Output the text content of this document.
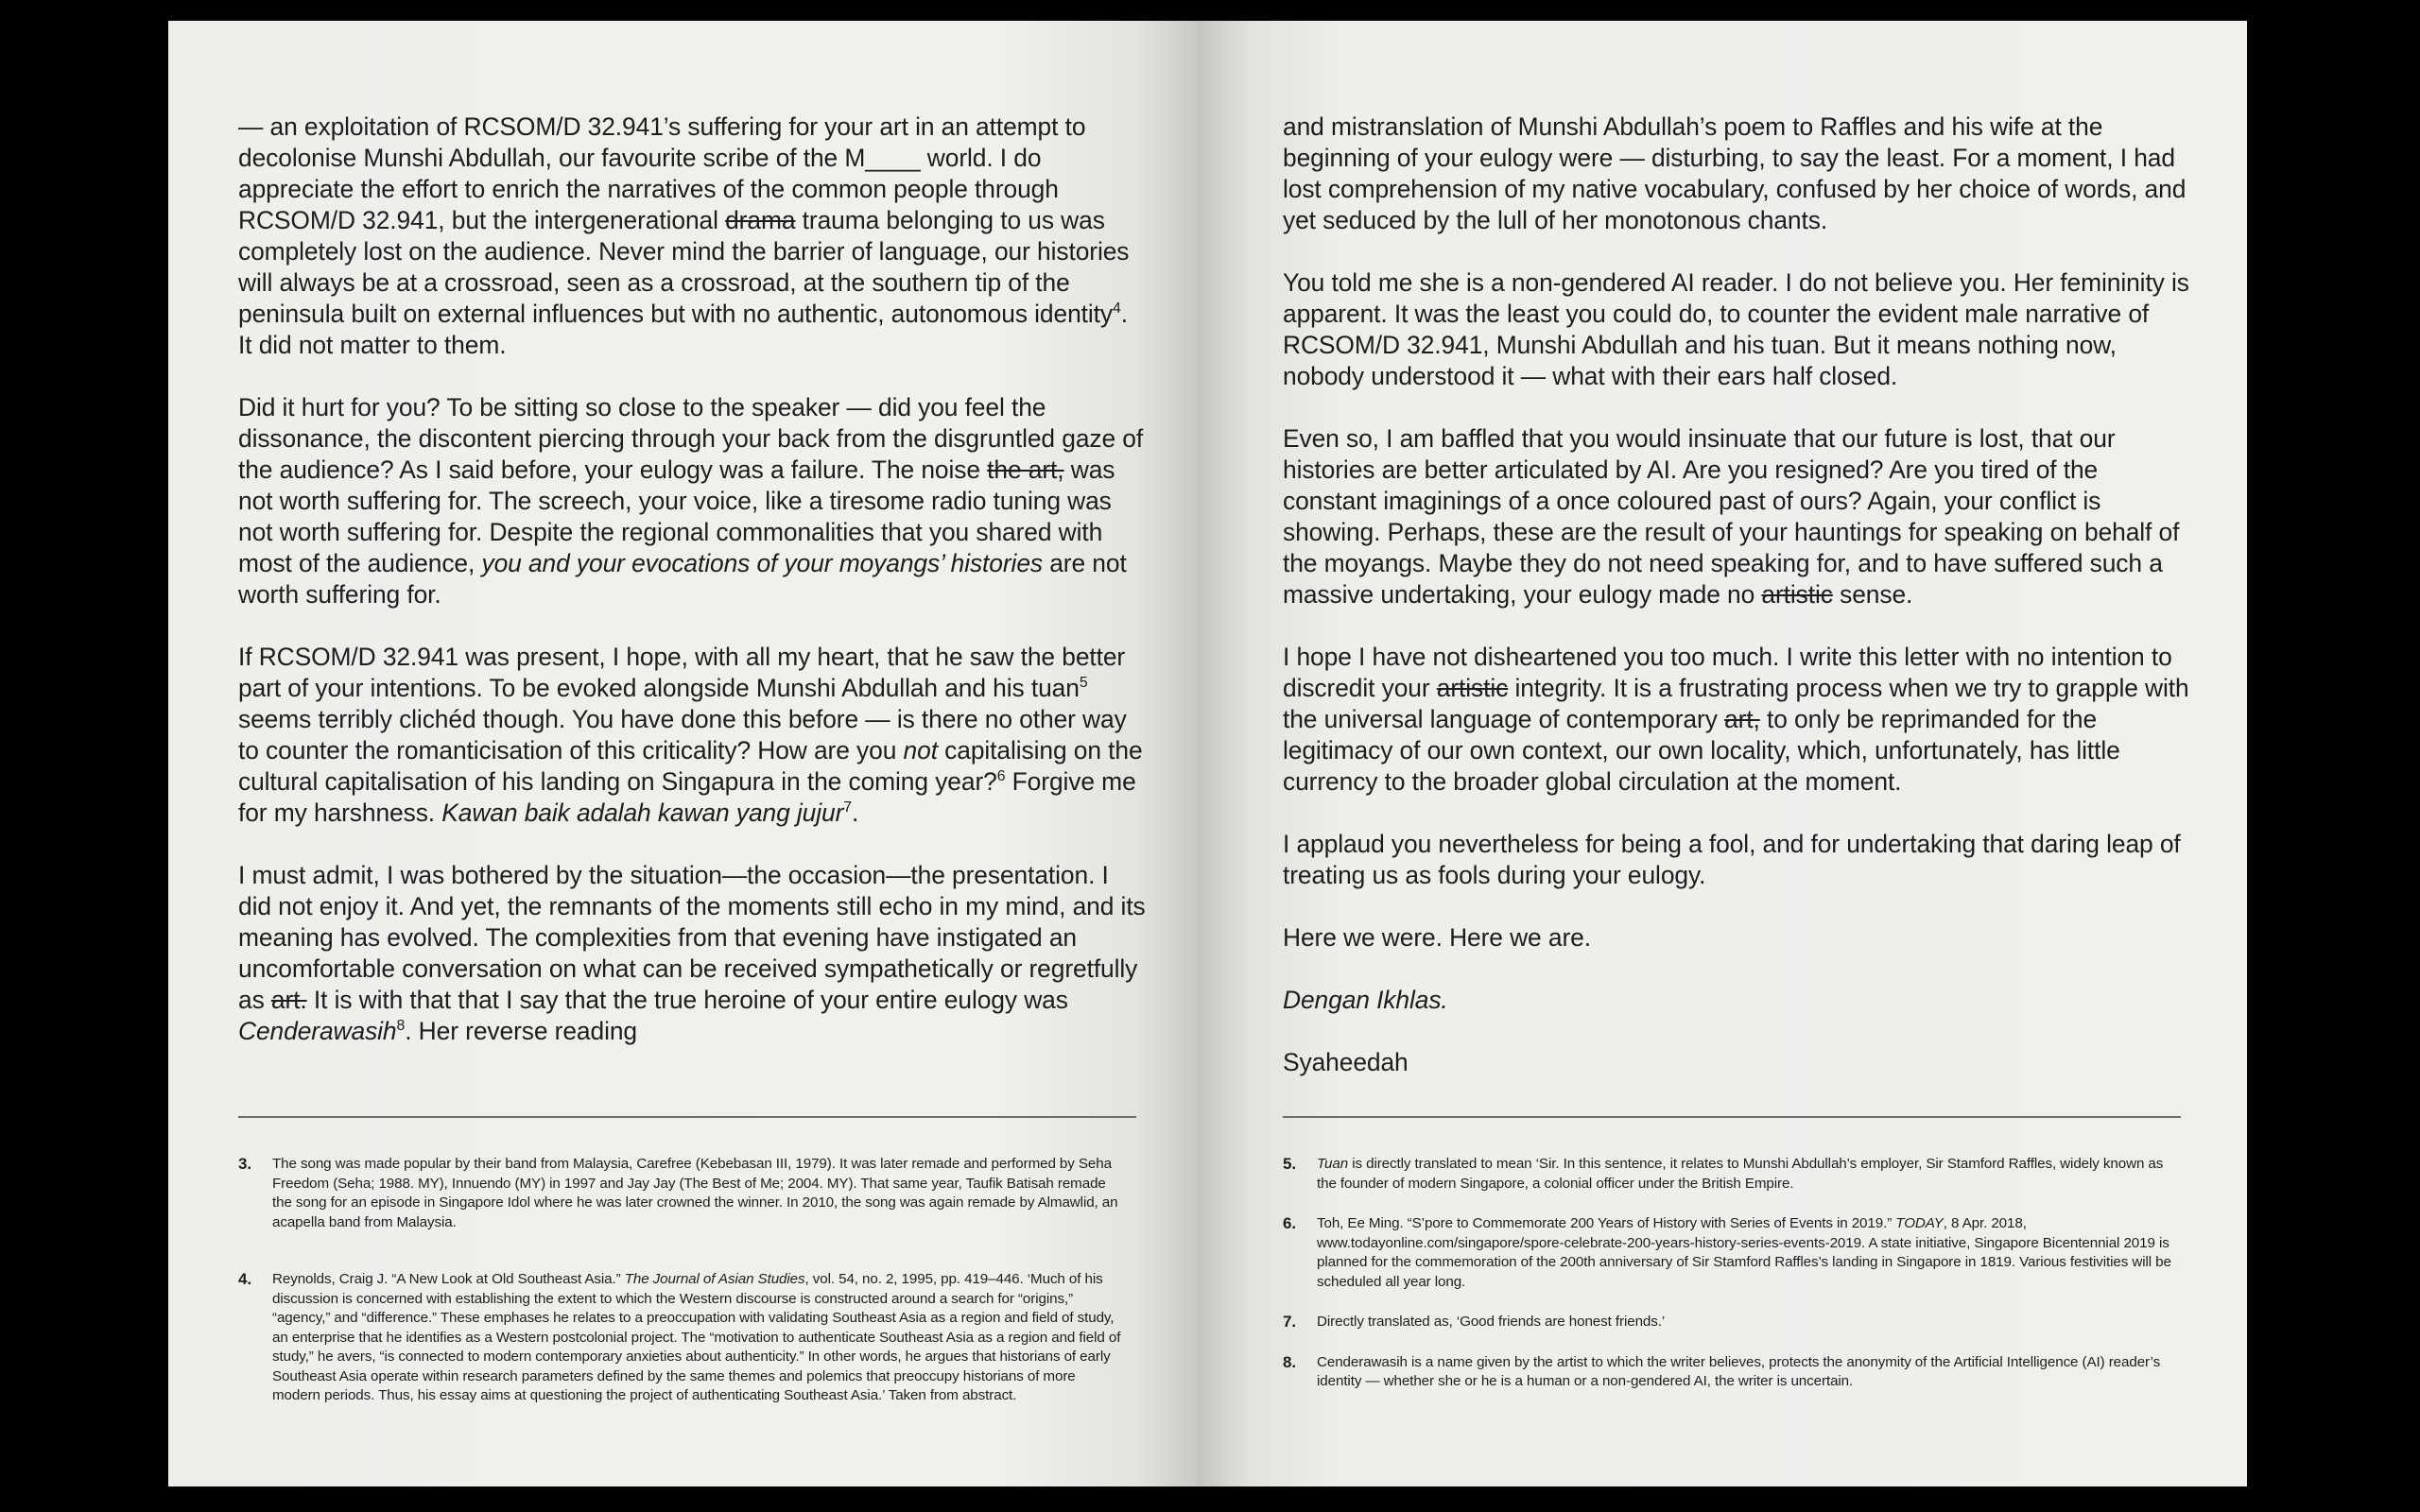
— an exploitation of RCSOM/D 32.941’s suffering for your art in an attempt to decolonise Munshi Abdullah, our favourite scribe of the M____ world. I do appreciate the effort to enrich the narratives of the common people through RCSOM/D 32.941, but the intergenerational drama trauma belonging to us was completely lost on the audience. Never mind the barrier of language, our histories will always be at a crossroad, seen as a crossroad, at the southern tip of the peninsula built on external influences but with no authentic, autonomous identity$^4$. It did not matter to them.

Did it hurt for you? To be sitting so close to the speaker — did you feel the dissonance, the discontent piercing through your back from the disgruntled gaze of the audience? As I said before, your eulogy was a failure. The noise the art, was not worth suffering for. The screech, your voice, like a tiresome radio tuning was not worth suffering for. Despite the regional commonalities that you shared with most of the audience, you and your evocations of your moyangs’ histories are not worth suffering for.

If RCSOM/D 32.941 was present, I hope, with all my heart, that he saw the better part of your intentions. To be evoked alongside Munshi Abdullah and his tuan$^5$ seems terribly clichéd though. You have done this before — is there no other way to counter the romanticisation of this criticality? How are you not capitalising on the cultural capitalisation of his landing on Singapura in the coming year?$^6$ Forgive me for my harshness. Kawan baik adalah kawan yang jujur$^7$.

I must admit, I was bothered by the situation—the occasion—the presentation. I did not enjoy it. And yet, the remnants of the moments still echo in my mind, and its meaning has evolved. The complexities from that evening have instigated an uncomfortable conversation on what can be received sympathetically or regretfully as art. It is with that that I say that the true heroine of your entire eulogy was Cenderawasih$^8$. Her reverse reading

3.	The song was made popular by their band from Malaysia, Carefree (Kebebasan III, 1979). It was later remade and performed by Seha Freedom (Seha; 1988. MY), Innuendo (MY) in 1997 and Jay Jay (The Best of Me; 2004. MY). That same year, Taufik Batisah remade the song for an episode in Singapore Idol where he was later crowned the winner. In 2010, the song was again remade by Almawlid, an acapella band from Malaysia.
4.	Reynolds, Craig J. “A New Look at Old Southeast Asia.” The Journal of Asian Studies, vol. 54, no. 2, 1995, pp. 419–446. ‘Much of his discussion is concerned with establishing the extent to which the Western discourse is constructed around a search for “origins,” “agency,” and “difference.” These emphases he relates to a preoccupation with validating Southeast Asia as a region and field of study, an enterprise that he identifies as a Western postcolonial project. The “motivation to authenticate Southeast Asia as a region and field of study,” he avers, “is connected to modern contemporary anxieties about authenticity.” In other words, he argues that historians of early Southeast Asia operate within research parameters defined by the same themes and polemics that preoccupy historians of more modern periods. Thus, his essay aims at questioning the project of authenticating Southeast Asia.’ Taken from abstract.

and mistranslation of Munshi Abdullah’s poem to Raffles and his wife at the beginning of your eulogy were — disturbing, to say the least. For a moment, I had lost comprehension of my native vocabulary, confused by her choice of words, and yet seduced by the lull of her monotonous chants.

You told me she is a non-gendered AI reader. I do not believe you. Her femininity is apparent. It was the least you could do, to counter the evident male narrative of RCSOM/D 32.941, Munshi Abdullah and his tuan. But it means nothing now, nobody understood it — what with their ears half closed.

Even so, I am baffled that you would insinuate that our future is lost, that our histories are better articulated by AI. Are you resigned? Are you tired of the constant imaginings of a once coloured past of ours? Again, your conflict is showing. Perhaps, these are the result of your hauntings for speaking on behalf of the moyangs. Maybe they do not need speaking for, and to have suffered such a massive undertaking, your eulogy made no artistic sense.

I hope I have not disheartened you too much. I write this letter with no intention to discredit your artistic integrity. It is a frustrating process when we try to grapple with the universal language of contemporary art, to only be reprimanded for the legitimacy of our own context, our own locality, which, unfortunately, has little currency to the broader global circulation at the moment.

I applaud you nevertheless for being a fool, and for undertaking that daring leap of treating us as fools during your eulogy.

Here we were. Here we are.

Dengan Ikhlas.

Syaheedah

5.	Tuan is directly translated to mean ‘Sir. In this sentence, it relates to Munshi Abdullah’s employer, Sir Stamford Raffles, widely known as the founder of modern Singapore, a colonial officer under the British Empire.
6.	Toh, Ee Ming. “S’pore to Commemorate 200 Years of History with Series of Events in 2019.” TODAY, 8 Apr. 2018, www.todayonline.com/singapore/spore-celebrate-200-years-history-series-events-2019. A state initiative, Singapore Bicentennial 2019 is planned for the commemoration of the 200th anniversary of Sir Stamford Raffles’s landing in Singapore in 1819. Various festivities will be scheduled all year long.
7.	Directly translated as, ‘Good friends are honest friends.’
8.	Cenderawasih is a name given by the artist to which the writer believes, protects the anonymity of the Artificial Intelligence (AI) reader’s identity — whether she or he is a human or a non-gendered AI, the writer is uncertain.
